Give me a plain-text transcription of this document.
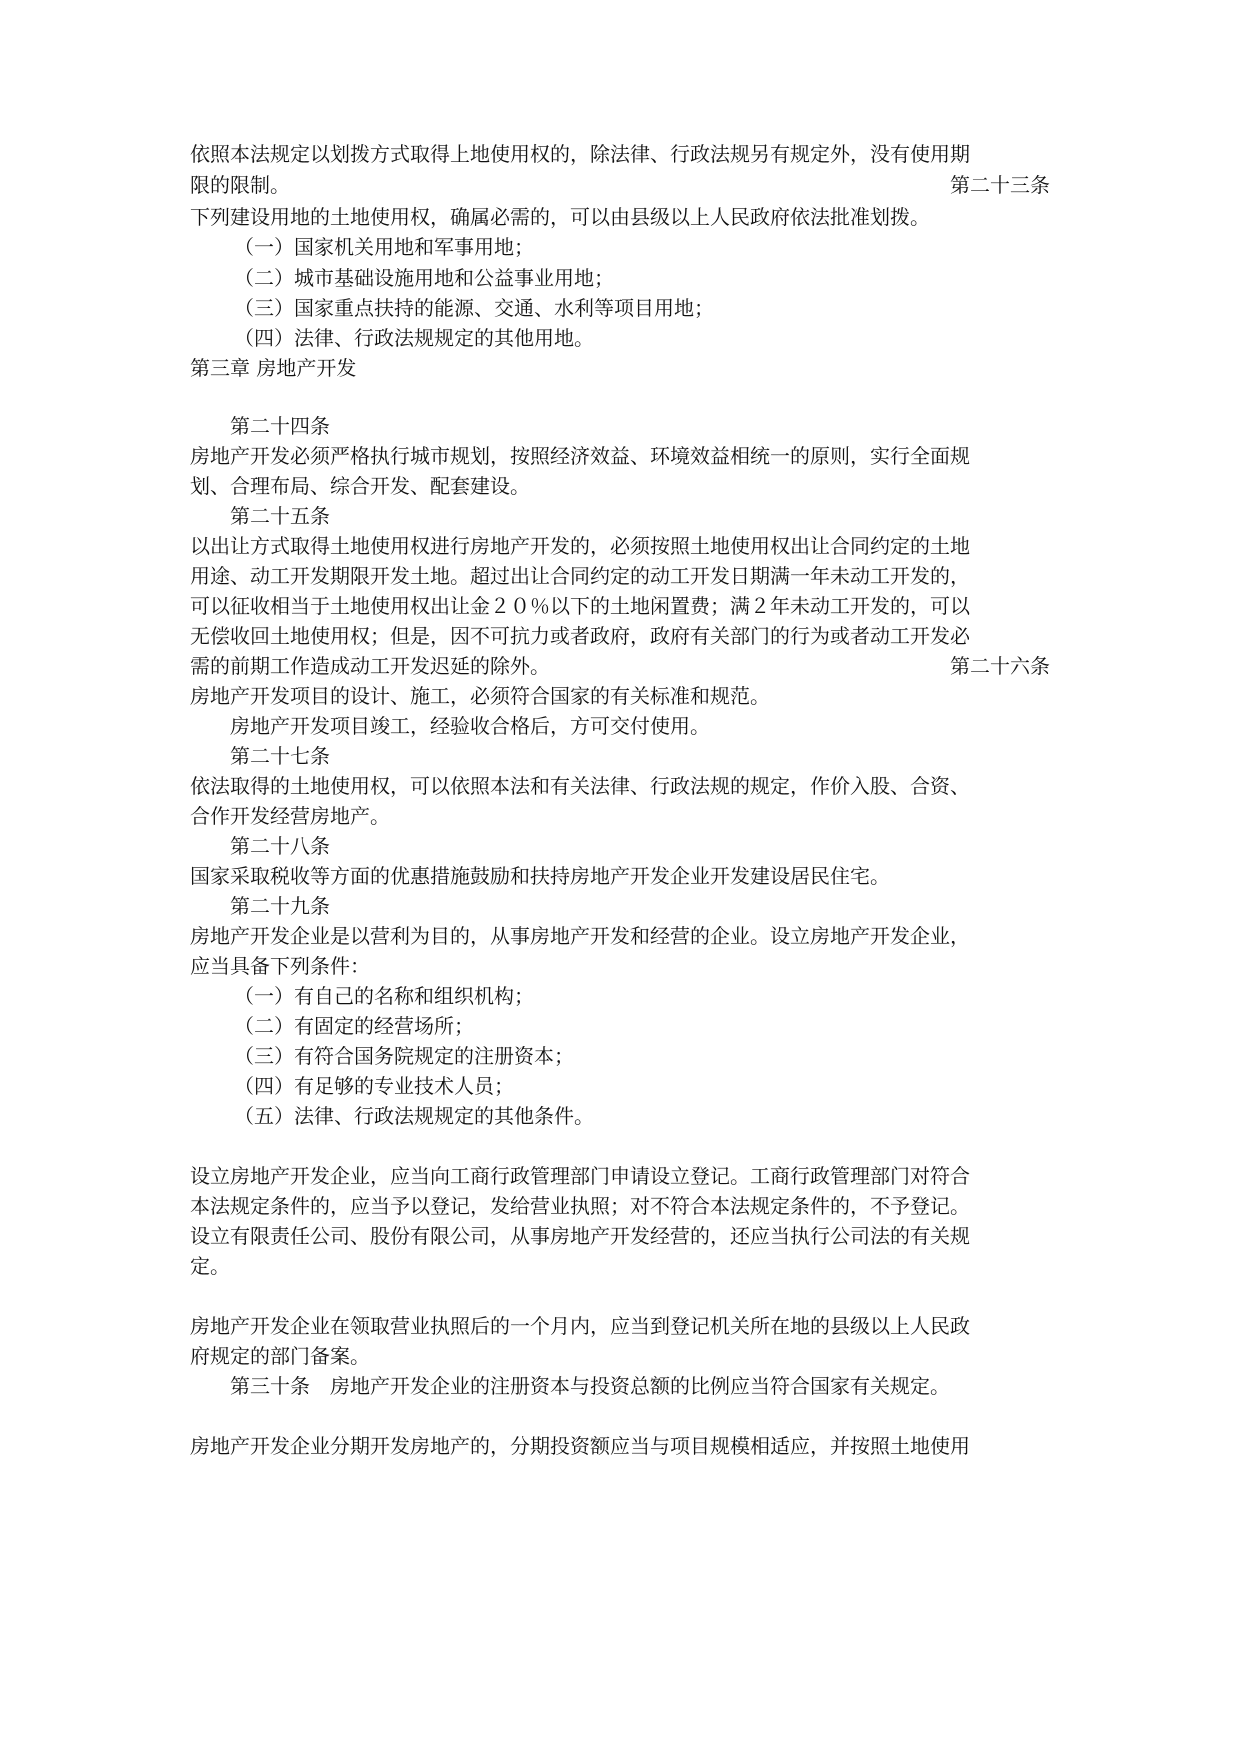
依照本法规定以划拨方式取得上地使用权的，除法律、行政法规另有规定外，没有使用期
限的限制。	第二十三条
下列建设用地的土地使用权，确属必需的，可以由县级以上人民政府依法批准划拨。
（一）国家机关用地和军事用地；
（二）城市基础设施用地和公益事业用地；
（三）国家重点扶持的能源、交通、水利等项目用地；
（四）法律、行政法规规定的其他用地。
第三章 房地产开发
第二十四条
房地产开发必须严格执行城市规划，按照经济效益、环境效益相统一的原则，实行全面规
划、合理布局、综合开发、配套建设。
第二十五条
以出让方式取得土地使用权进行房地产开发的，必须按照土地使用权出让合同约定的土地
用途、动工开发期限开发土地。超过出让合同约定的动工开发日期满一年未动工开发的，
可以征收相当于土地使用权出让金２０％以下的土地闲置费；满２年未动工开发的，可以
无偿收回土地使用权；但是，因不可抗力或者政府，政府有关部门的行为或者动工开发必
需的前期工作造成动工开发迟延的除外。	第二十六条
房地产开发项目的设计、施工，必须符合国家的有关标准和规范。
房地产开发项目竣工，经验收合格后，方可交付使用。
第二十七条
依法取得的土地使用权，可以依照本法和有关法律、行政法规的规定，作价入股、合资、
合作开发经营房地产。
第二十八条
国家采取税收等方面的优惠措施鼓励和扶持房地产开发企业开发建设居民住宅。
第二十九条
房地产开发企业是以营利为目的，从事房地产开发和经营的企业。设立房地产开发企业，
应当具备下列条件：
（一）有自己的名称和组织机构；
（二）有固定的经营场所；
（三）有符合国务院规定的注册资本；
（四）有足够的专业技术人员；
（五）法律、行政法规规定的其他条件。
设立房地产开发企业，应当向工商行政管理部门申请设立登记。工商行政管理部门对符合
本法规定条件的，应当予以登记，发给营业执照；对不符合本法规定条件的，不予登记。
设立有限责任公司、股份有限公司，从事房地产开发经营的，还应当执行公司法的有关规
定。
房地产开发企业在领取营业执照后的一个月内，应当到登记机关所在地的县级以上人民政
府规定的部门备案。
第三十条　房地产开发企业的注册资本与投资总额的比例应当符合国家有关规定。
房地产开发企业分期开发房地产的，分期投资额应当与项目规模相适应，并按照土地使用
